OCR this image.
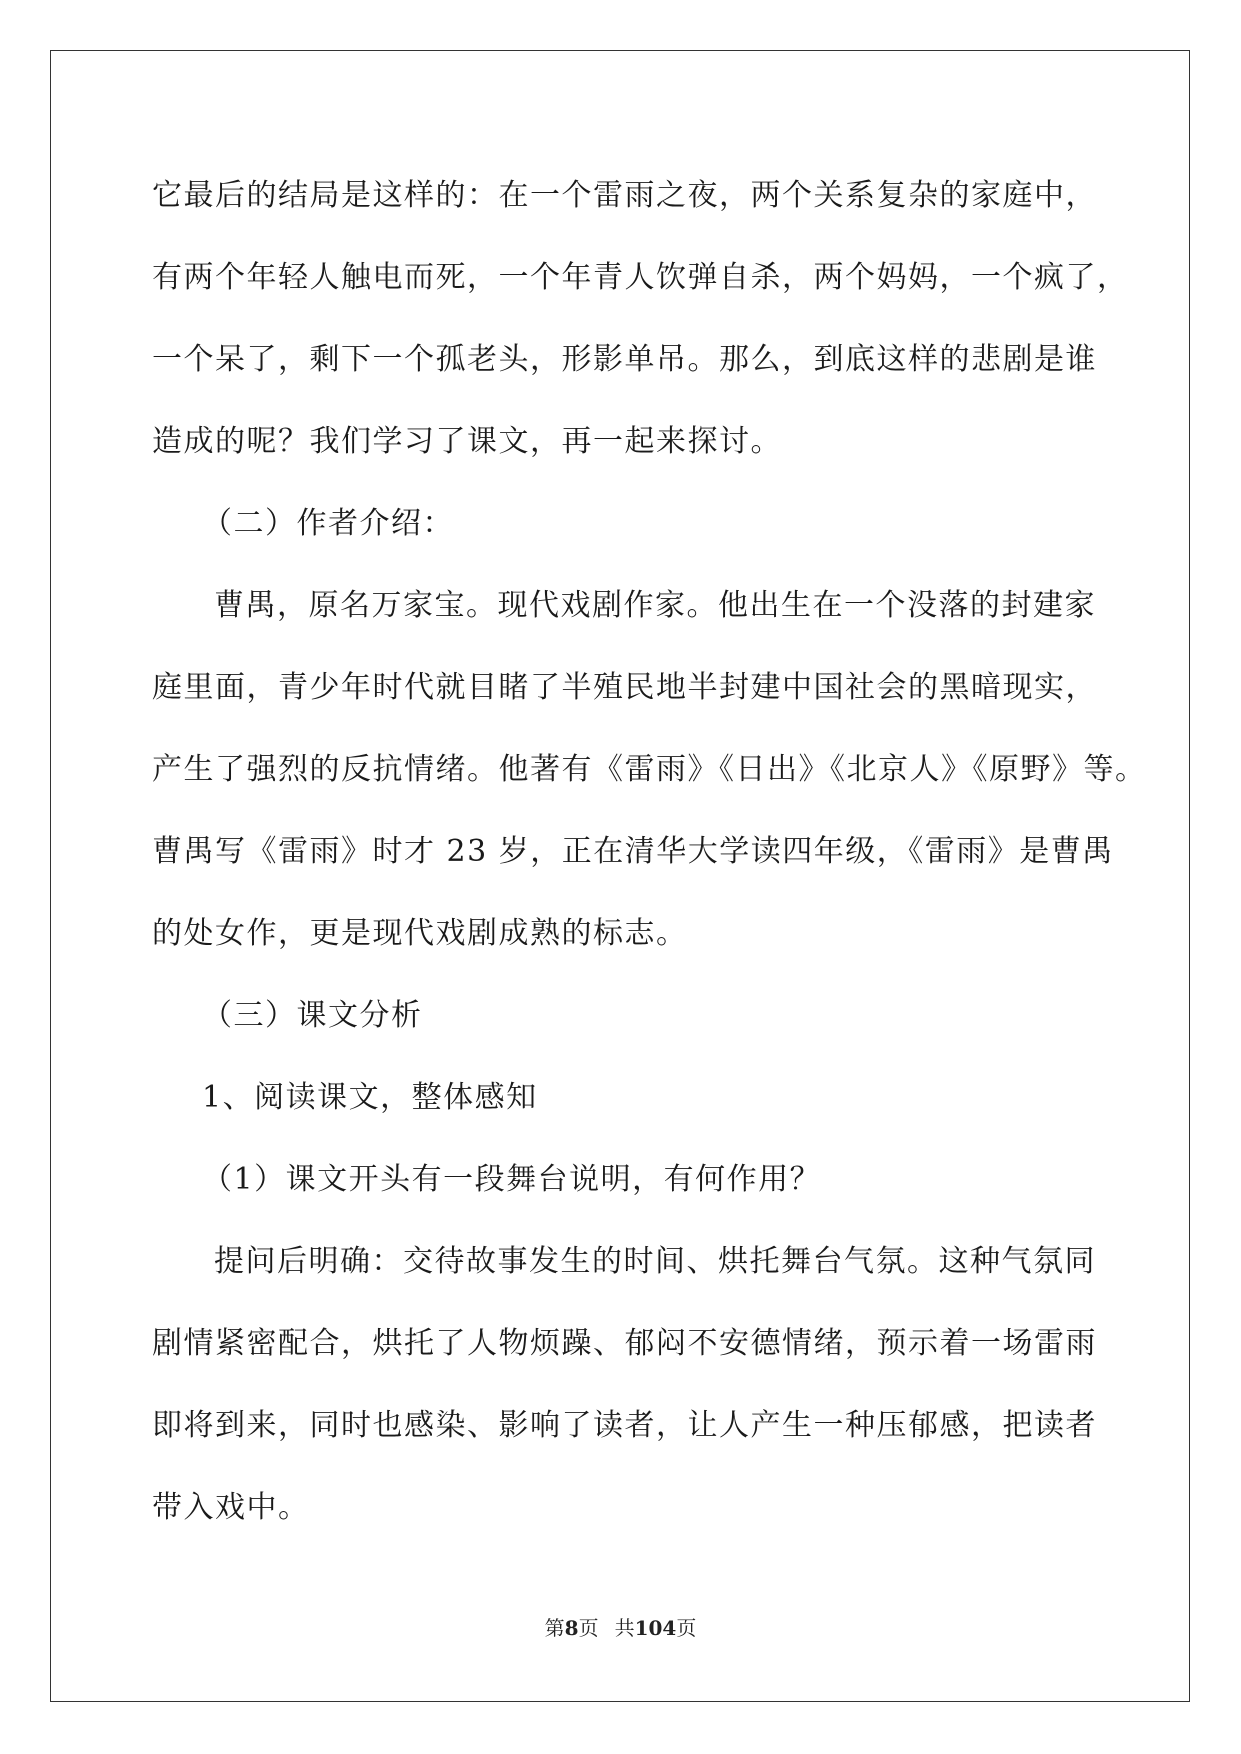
它最后的结局是这样的：在一个雷雨之夜，两个关系复杂的家庭中，
有两个年轻人触电而死，一个年青人饮弹自杀，两个妈妈，一个疯了，
一个呆了，剩下一个孤老头，形影单吊。那么，到底这样的悲剧是谁
造成的呢？我们学习了课文，再一起来探讨。
（二）作者介绍：
曹禺，原名万家宝。现代戏剧作家。他出生在一个没落的封建家
庭里面，青少年时代就目睹了半殖民地半封建中国社会的黑暗现实，
产生了强烈的反抗情绪。他著有《雷雨》《日出》《北京人》《原野》等。
曹禺写《雷雨》时才 23 岁，正在清华大学读四年级，《雷雨》是曹禺
的处女作，更是现代戏剧成熟的标志。
（三）课文分析
1、阅读课文，整体感知
（1）课文开头有一段舞台说明，有何作用？
提问后明确：交待故事发生的时间、烘托舞台气氛。这种气氛同
剧情紧密配合，烘托了人物烦躁、郁闷不安德情绪，预示着一场雷雨
即将到来，同时也感染、影响了读者，让人产生一种压郁感，把读者
带入戏中。
第8页 共104页
